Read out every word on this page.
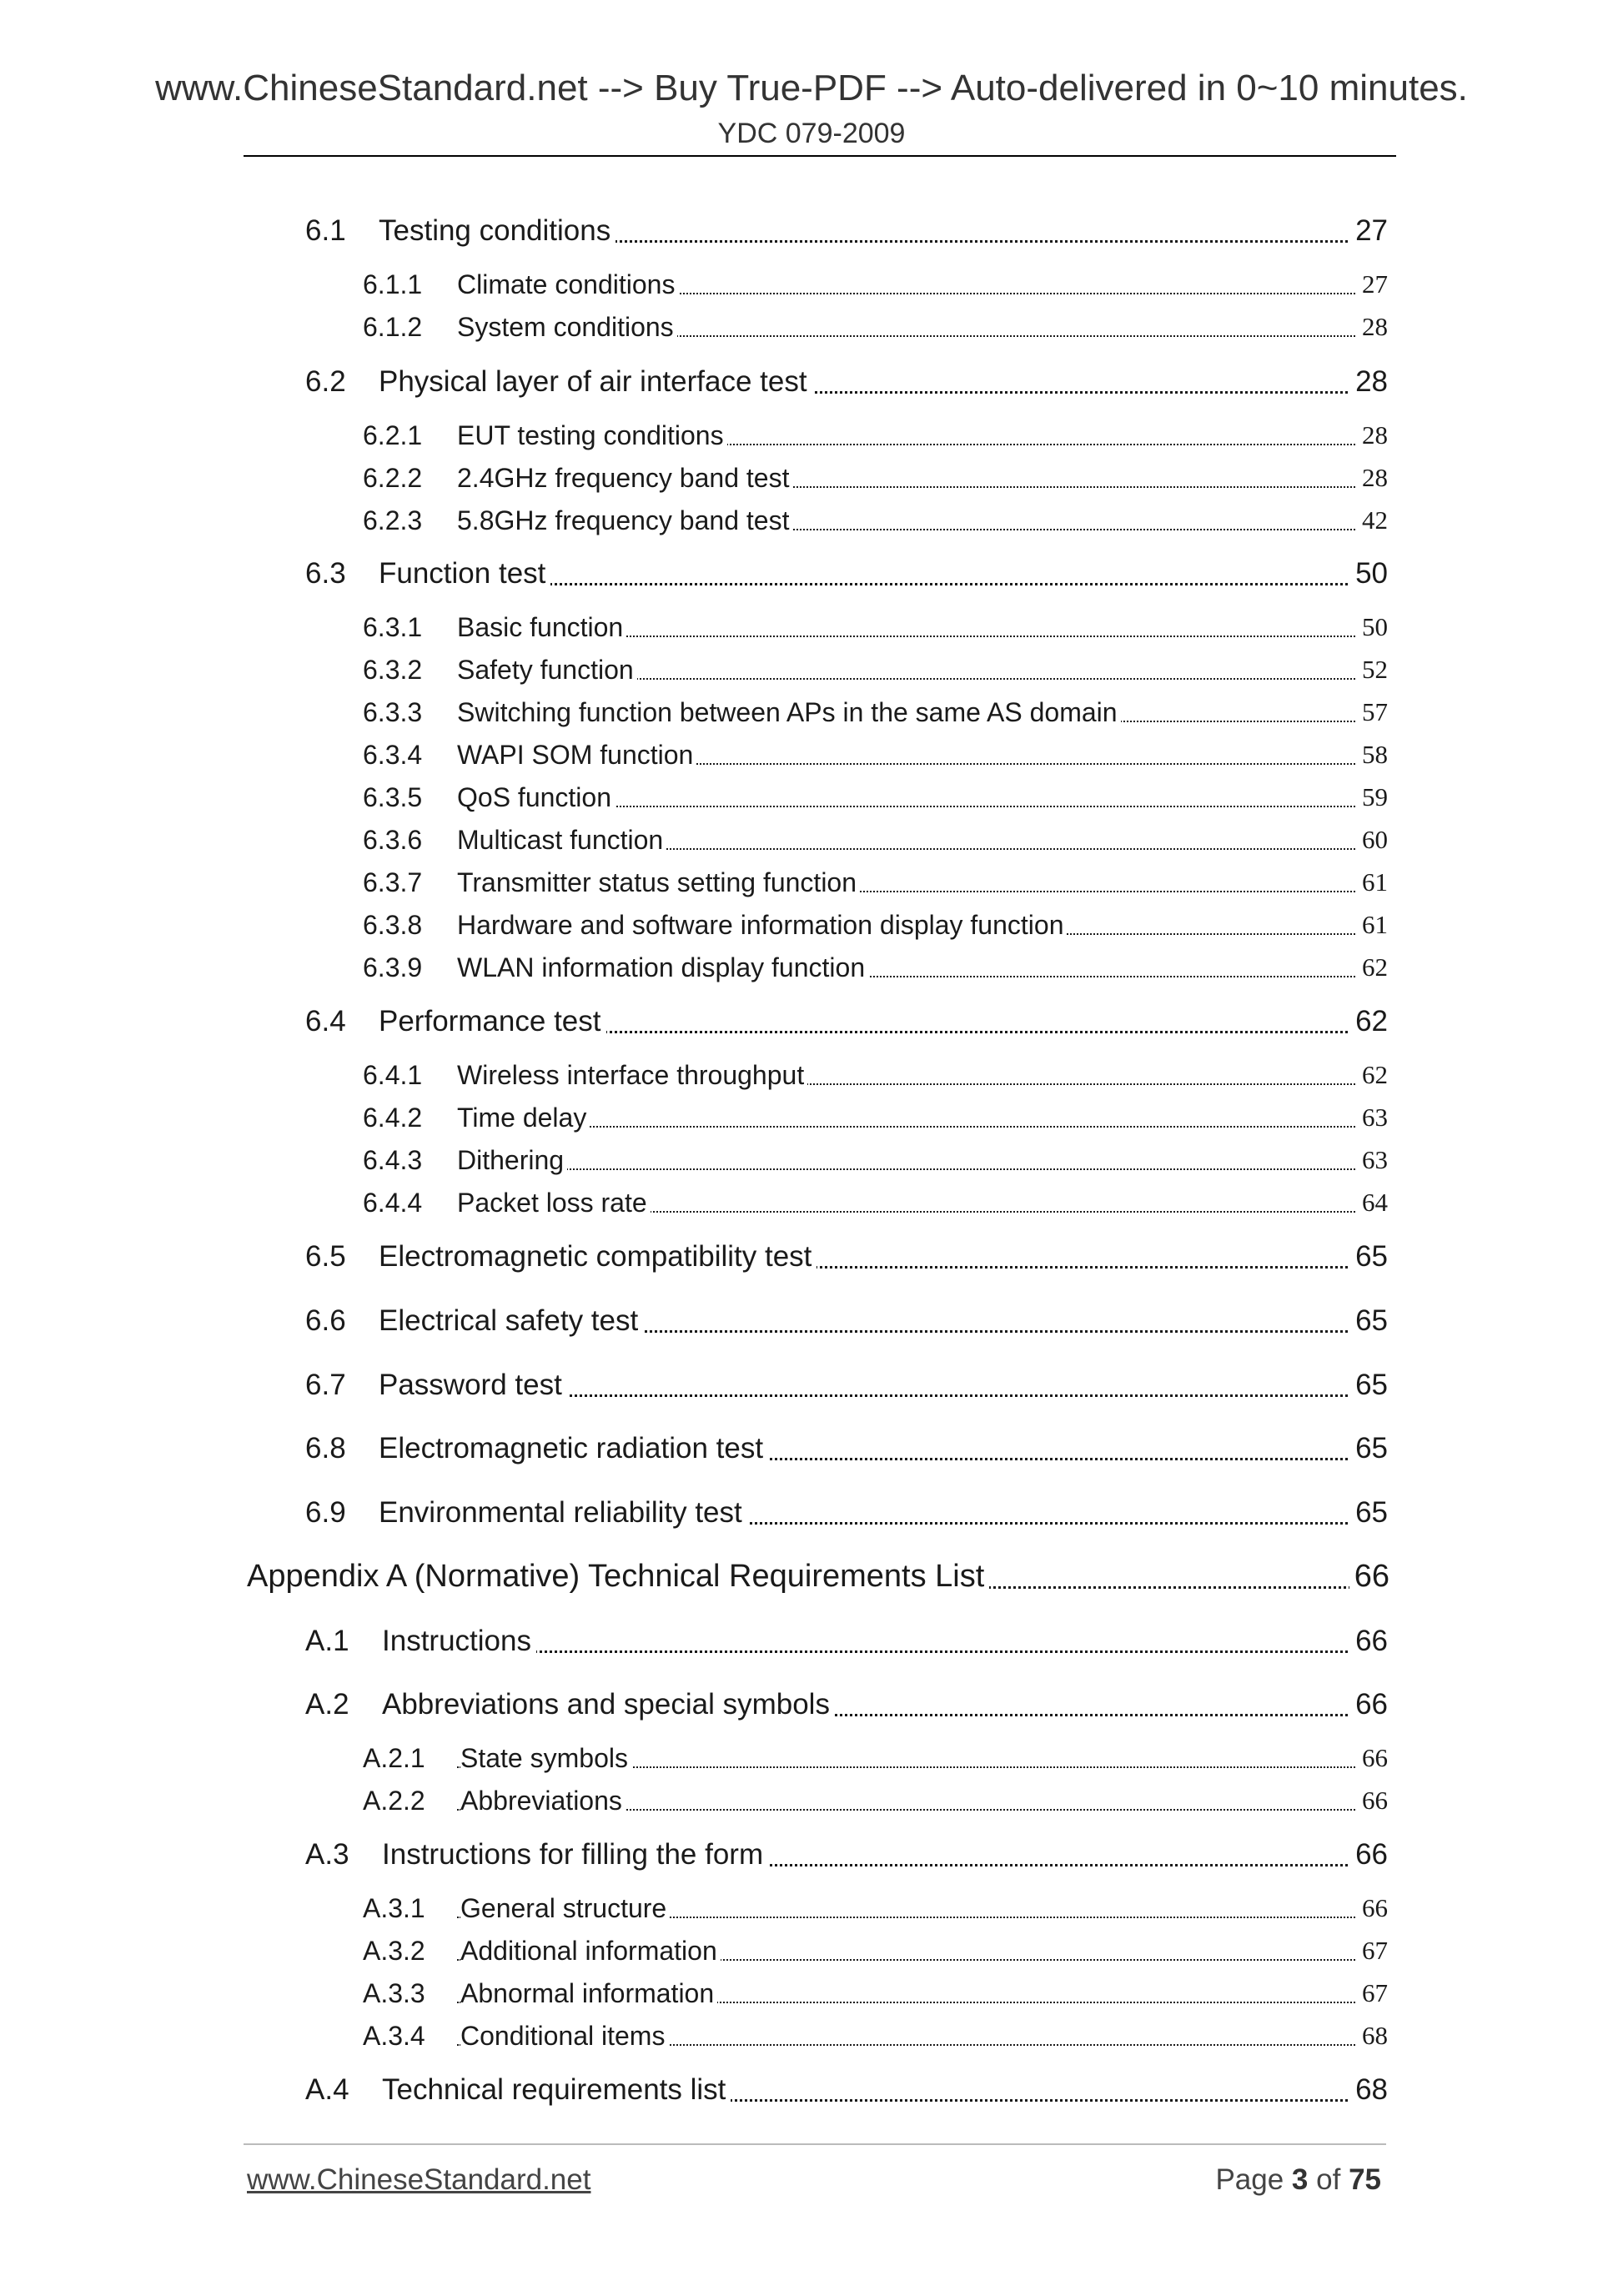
www.ChineseStandard.net --> Buy True-PDF --> Auto-delivered in 0~10 minutes.
YDC 079-2009
6.1 Testing conditions	27
6.1.1 Climate conditions	27
6.1.2 System conditions	28
6.2 Physical layer of air interface test	28
6.2.1 EUT testing conditions	28
6.2.2 2.4GHz frequency band test	28
6.2.3 5.8GHz frequency band test	42
6.3 Function test	50
6.3.1 Basic function	50
6.3.2 Safety function	52
6.3.3 Switching function between APs in the same AS domain	57
6.3.4 WAPI SOM function	58
6.3.5 QoS function	59
6.3.6 Multicast function	60
6.3.7 Transmitter status setting function	61
6.3.8 Hardware and software information display function	61
6.3.9 WLAN information display function	62
6.4 Performance test	62
6.4.1 Wireless interface throughput	62
6.4.2 Time delay	63
6.4.3 Dithering	63
6.4.4 Packet loss rate	64
6.5 Electromagnetic compatibility test	65
6.6 Electrical safety test	65
6.7 Password test	65
6.8 Electromagnetic radiation test	65
6.9 Environmental reliability test	65
Appendix A (Normative) Technical Requirements List	66
A.1 Instructions	66
A.2 Abbreviations and special symbols	66
A.2.1 State symbols	66
A.2.2 Abbreviations	66
A.3 Instructions for filling the form	66
A.3.1 General structure	66
A.3.2 Additional information	67
A.3.3 Abnormal information	67
A.3.4 Conditional items	68
A.4 Technical requirements list	68
www.ChineseStandard.net	Page 3 of 75
